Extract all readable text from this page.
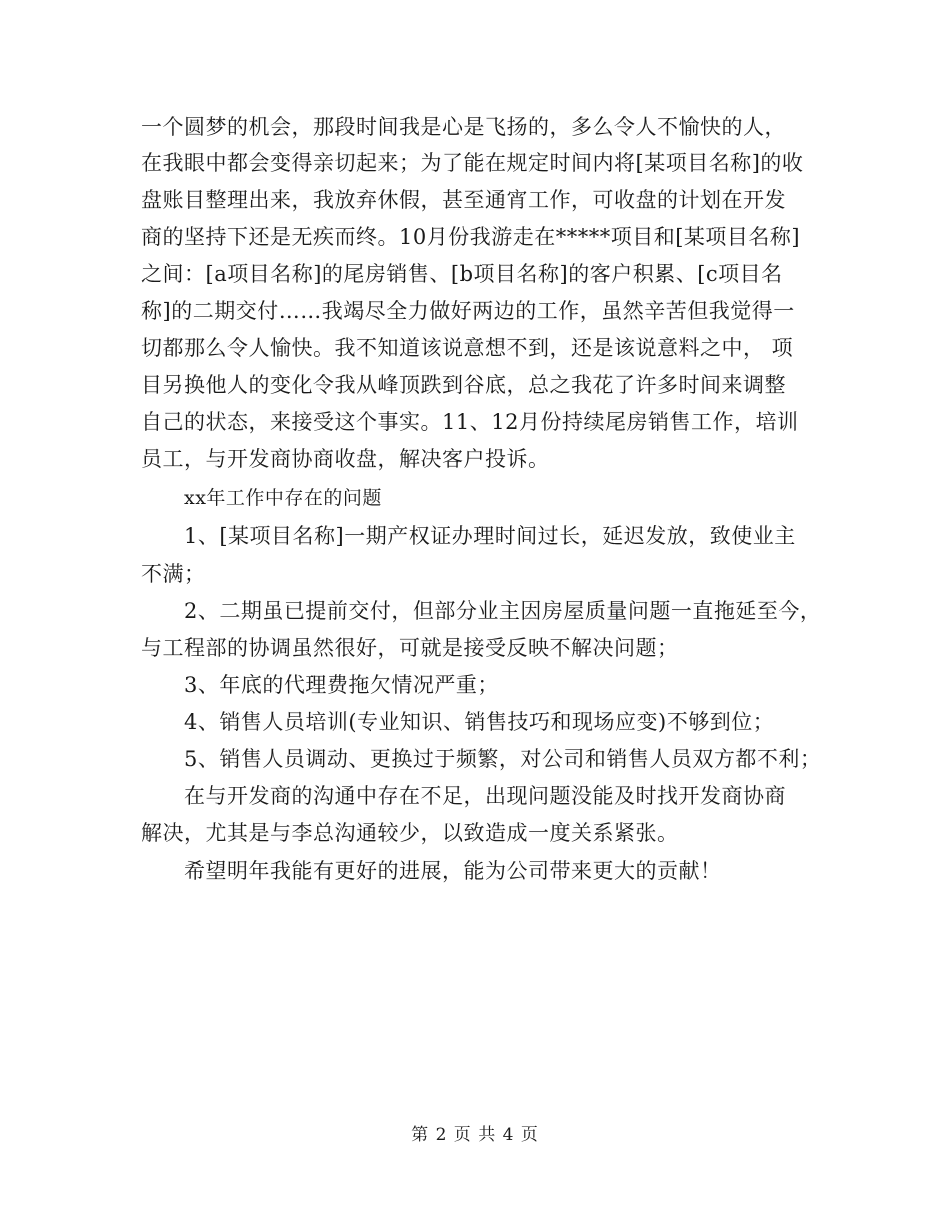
一个圆梦的机会，那段时间我是心是飞扬的，多么令人不愉快的人，
在我眼中都会变得亲切起来；为了能在规定时间内将[某项目名称]的收
盘账目整理出来，我放弃休假，甚至通宵工作，可收盘的计划在开发
商的坚持下还是无疾而终。10月份我游走在*****项目和[某项目名称]
之间：[a项目名称]的尾房销售、[b项目名称]的客户积累、[c项目名
称]的二期交付……我竭尽全力做好两边的工作，虽然辛苦但我觉得一
切都那么令人愉快。我不知道该说意想不到，还是该说意料之中， 项
目另换他人的变化令我从峰顶跌到谷底，总之我花了许多时间来调整
自己的状态，来接受这个事实。11、12月份持续尾房销售工作，培训
员工，与开发商协商收盘，解决客户投诉。
xx年工作中存在的问题
1、[某项目名称]一期产权证办理时间过长，延迟发放，致使业主
不满；
2、二期虽已提前交付，但部分业主因房屋质量问题一直拖延至今，
与工程部的协调虽然很好，可就是接受反映不解决问题；
3、年底的代理费拖欠情况严重；
4、销售人员培训(专业知识、销售技巧和现场应变)不够到位；
5、销售人员调动、更换过于频繁，对公司和销售人员双方都不利；
在与开发商的沟通中存在不足，出现问题没能及时找开发商协商
解决，尤其是与李总沟通较少，以致造成一度关系紧张。
希望明年我能有更好的进展，能为公司带来更大的贡献！
第 2 页 共 4 页
